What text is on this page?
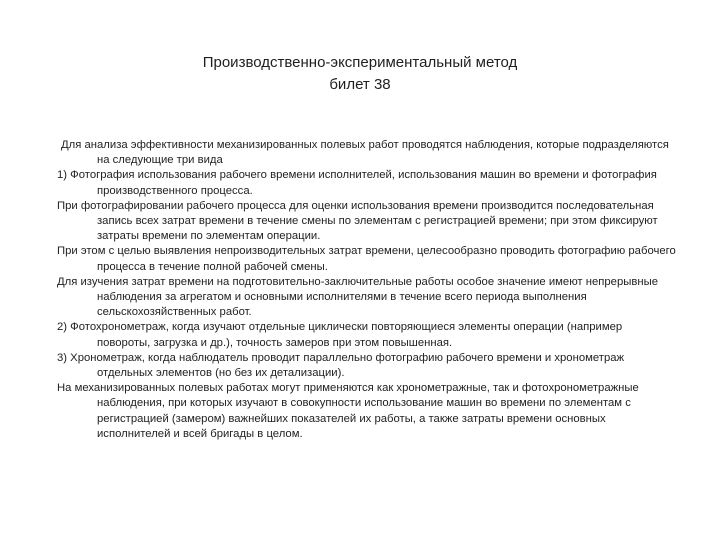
Производственно-экспериментальный метод
билет 38

Для анализа эффективности механизированных полевых работ проводятся наблюдения, которые подразделяются на следующие три вида

1) Фотография использования рабочего времени исполнителей, использования машин во времени и фотография производственного процесса.

При фотографировании рабочего процесса для оценки использования времени производится последовательная запись всех затрат времени в течение смены по элементам с регистрацией времени; при этом фиксируют затраты времени по элементам операции.

При этом с целью выявления непроизводительных затрат времени, целесообразно проводить фотографию рабочего процесса в течение полной рабочей смены.

Для изучения затрат времени на подготовительно-заключительные работы особое значение имеют непрерывные наблюдения за агрегатом и основными исполнителями в течение всего периода выполнения сельскохозяйственных работ.

2) Фотохронометраж, когда изучают отдельные циклически повторяющиеся элементы операции (например повороты, загрузка и др.), точность замеров при этом повышенная.

3) Хронометраж, когда наблюдатель проводит параллельно фотографию рабочего времени и хронометраж отдельных элементов (но без их детализации).

На механизированных полевых работах могут применяются как хронометражные, так и фотохронометражные наблюдения, при которых изучают в совокупности использование машин во времени по элементам с регистрацией (замером) важнейших показателей их работы, а также затраты времени основных исполнителей и всей бригады в целом.
